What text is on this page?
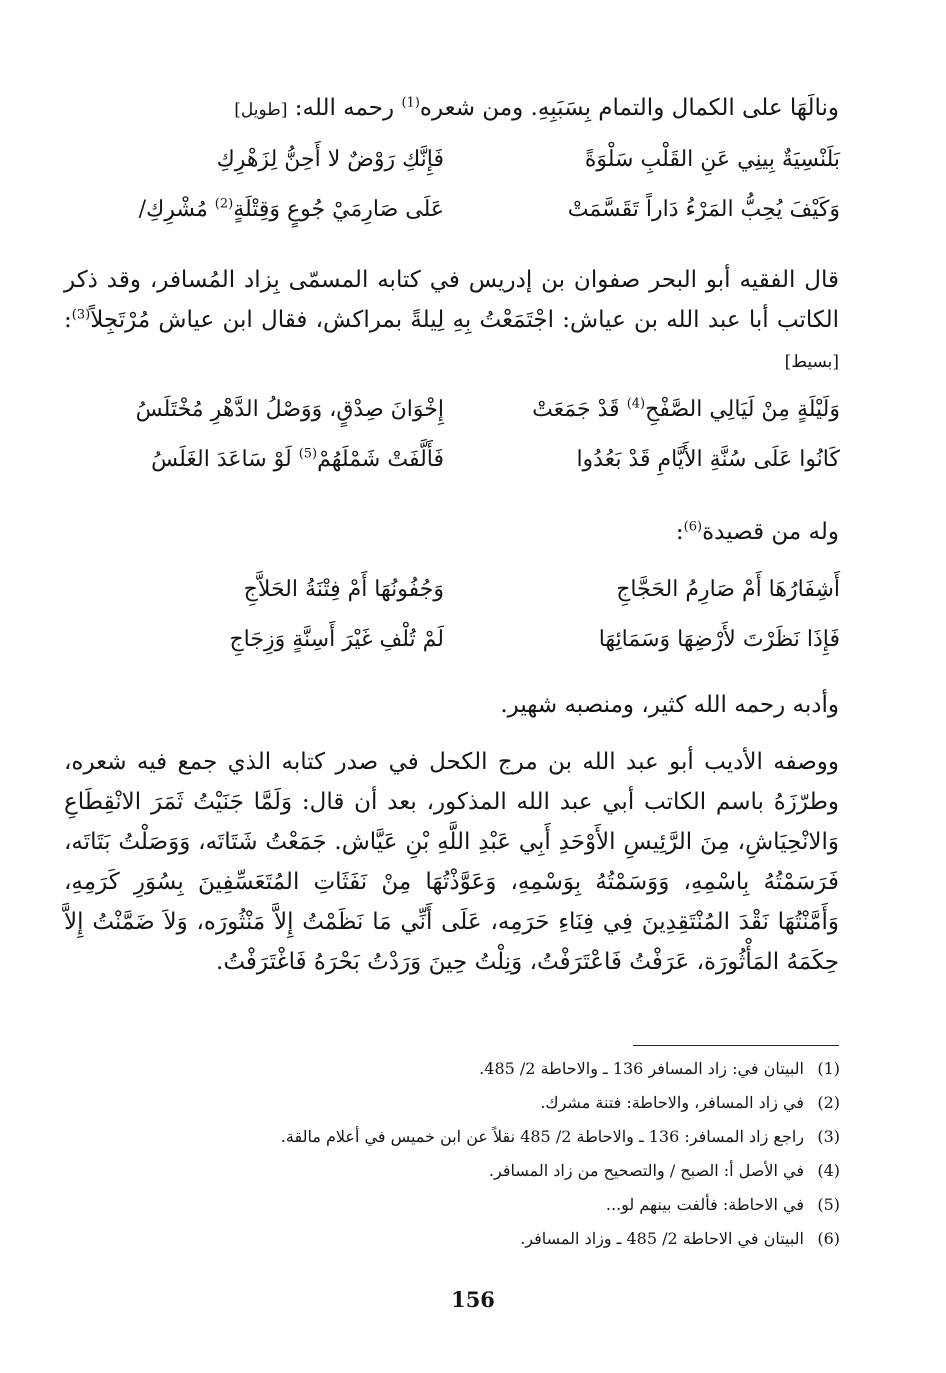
ونالَهَا على الكمال والتمام بِسَبَبِهِ. ومن شعره$^{(1)}$ رحمه الله: [طويل]
بَلَنْسِيَةٌ بِينِي عَنِ القَلْبِ سَلْوَةً
فَإِنَّكِ رَوْضٌ لا أَحِنُّ لِزَهْرِكِ
وَكَيْفَ يُحِبُّ المَرْءُ دَاراً تَقَسَّمَتْ
عَلَى صَارِمَيْ جُوعٍ وَقِتْلَةٍ$^{(2)}$ مُشْرِكِ/
قال الفقيه أبو البحر صفوان بن إدريس في كتابه المسمّى بِزاد المُسافر، وقد ذكر الكاتب أبا عبد الله بن عياش: اجْتَمَعْتُ بِهِ لِيلةً بمراكش، فقال ابن عياش مُرْتَجِلاً$^{(3)}$: [بسيط]
وَلَيْلَةٍ مِنْ لَيَالِي الصَّفْحِ$^{(4)}$ قَدْ جَمَعَتْ
إِخْوَانَ صِدْقٍ، وَوَصْلُ الدَّهْرِ مُخْتَلَسُ
كَانُوا عَلَى سُنَّةِ الأَيَّامِ قَدْ بَعُدُوا
فَأَلَّفَتْ شَمْلَهُمْ$^{(5)}$ لَوْ سَاعَدَ الغَلَسُ
وله من قصيدة$^{(6)}$:
أَشِفَارُهَا أَمْ صَارِمُ الحَجَّاجِ
وَجُفُونُهَا أَمْ فِتْنَةُ الحَلاَّجِ
فَإِذَا نَظَرْتَ لأَرْضِهَا وَسَمَائِهَا
لَمْ تُلْفِ غَيْرَ أَسِنَّةٍ وَزِجَاجِ
وأدبه رحمه الله كثير، ومنصبه شهير.
ووصفه الأديب أبو عبد الله بن مرج الكحل في صدر كتابه الذي جمع فيه شعره، وطرّزَهُ باسم الكاتب أبي عبد الله المذكور، بعد أن قال: وَلَمَّا جَنَيْتُ ثَمَرَ الانْقِطَاعِ وَالانْحِيَاشِ، مِنَ الرَّئِيسِ الأَوْحَدِ أَبِي عَبْدِ اللَّهِ بْنِ عَيَّاش. جَمَعْتُ شَتَاتَه، وَوَصَلْتُ بَتَاتَه، فَرَسَمْتُهُ بِاسْمِهِ، وَوَسَمْتُهُ بِوَسْمِهِ، وَعَوَّذْتُهَا مِنْ نَفَثَاتِ المُتَعَسِّفِينَ بِسُوَرِ كَرَمِهِ، وَأَمَّنْتُهَا نَقْدَ المُنْتَقِدِينَ فِي فِنَاءِ حَرَمِه، عَلَى أَنِّي مَا نَظَمْتُ إِلاَّ مَنْثُورَه، وَلاَ ضَمَّنْتُ إِلاَّ حِكَمَهُ المَأْثُورَة، عَرَفْتُ فَاعْتَرَفْتُ، وَنِلْتُ حِينَ وَرَدْتُ بَحْرَهُ فَاغْتَرَفْتُ.
(1)البيتان في: زاد المسافر 136 ـ والاحاطة 2/ 485.
(2)في زاد المسافر، والاحاطة: فتنة مشرك.
(3)راجع زاد المسافر: 136 ـ والاحاطة 2/ 485 نقلاً عن ابن خميس في أعلام مالقة.
(4)في الأصل أ: الصبح / والتصحيح من زاد المسافر.
(5)في الاحاطة: فألفت بينهم لو...
(6)البيتان في الاحاطة 2/ 485 ـ وزاد المسافر.
156
